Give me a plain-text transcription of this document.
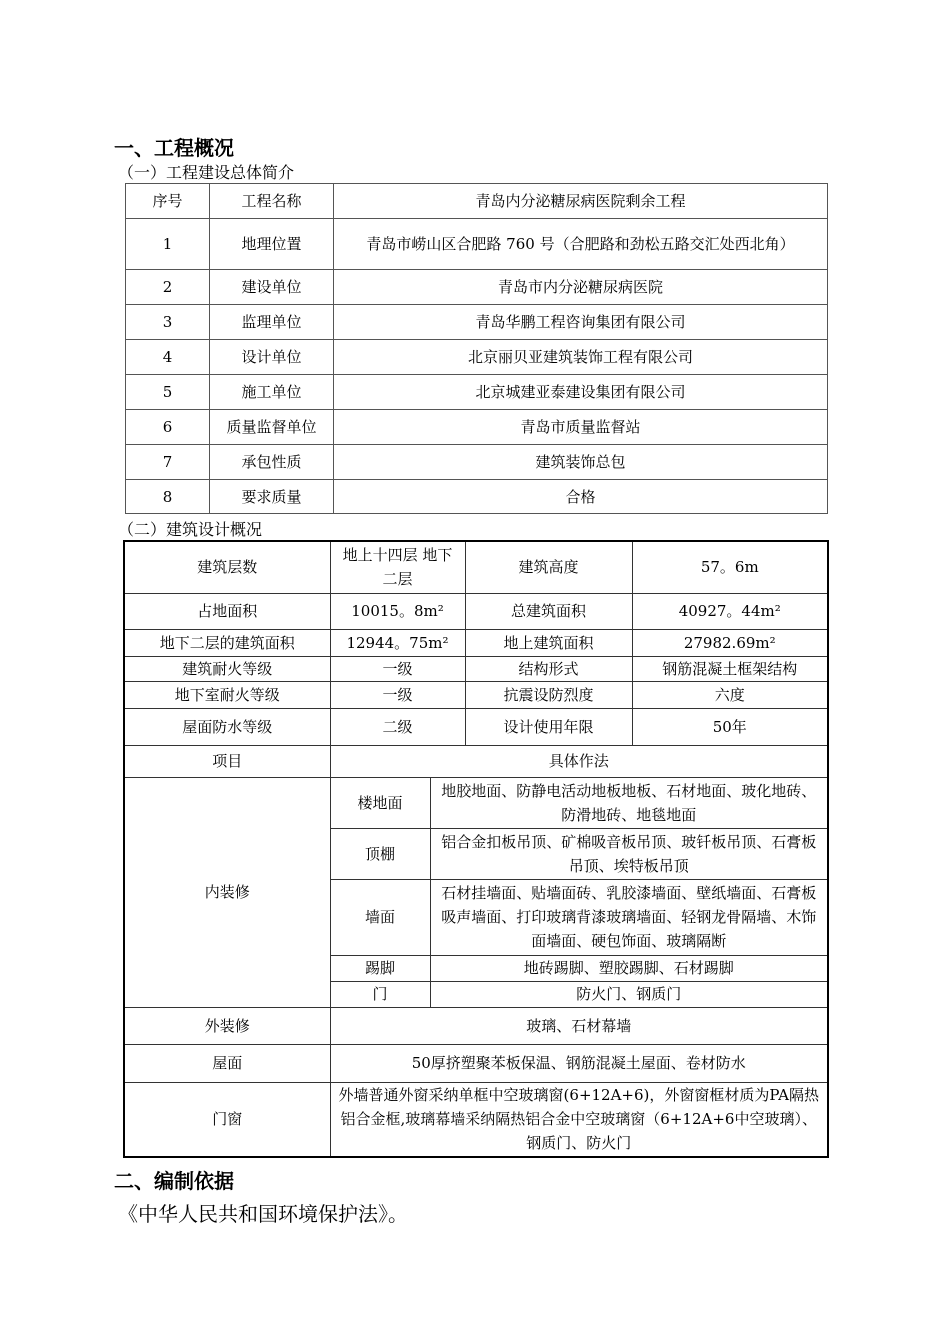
一、工程概况
（一）工程建设总体简介
序号	工程名称	青岛内分泌糖尿病医院剩余工程
1	地理位置	青岛市崂山区合肥路 760 号（合肥路和劲松五路交汇处西北角）
2	建设单位	青岛市内分泌糖尿病医院
3	监理单位	青岛华鹏工程咨询集团有限公司
4	设计单位	北京丽贝亚建筑装饰工程有限公司
5	施工单位	北京城建亚泰建设集团有限公司
6	质量监督单位	青岛市质量监督站
7	承包性质	建筑装饰总包
8	要求质量	合格
（二）建筑设计概况
建筑层数	地上十四层 地下二层		建筑高度	57。6m
占地面积	10015。8m²		总建筑面积	40927。44m²
地下二层的建筑面积	12944。75m²		地上建筑面积	27982.69m²
建筑耐火等级	一级		结构形式	钢筋混凝土框架结构
地下室耐火等级	一级		抗震设防烈度	六度
屋面防水等级	二级		设计使用年限	50年
项目	具体作法			
内装修	楼地面	地胶地面、防静电活动地板地板、石材地面、玻化地砖、防滑地砖、地毯地面		
	顶棚	铝合金扣板吊顶、矿棉吸音板吊顶、玻钎板吊顶、石膏板吊顶、埃特板吊顶		
	墙面	石材挂墙面、贴墙面砖、乳胶漆墙面、壁纸墙面、石膏板吸声墙面、打印玻璃背漆玻璃墙面、轻钢龙骨隔墙、木饰面墙面、硬包饰面、玻璃隔断		
	踢脚	地砖踢脚、塑胶踢脚、石材踢脚		
	门	防火门、钢质门		
外装修	玻璃、石材幕墙			
屋面	50厚挤塑聚苯板保温、钢筋混凝土屋面、卷材防水			
门窗	外墙普通外窗采纳单框中空玻璃窗(6+12A+6)，外窗窗框材质为PA隔热铝合金框,玻璃幕墙采纳隔热铝合金中空玻璃窗（6+12A+6中空玻璃）、钢质门、防火门			
二、编制依据
《中华人民共和国环境保护法》。
